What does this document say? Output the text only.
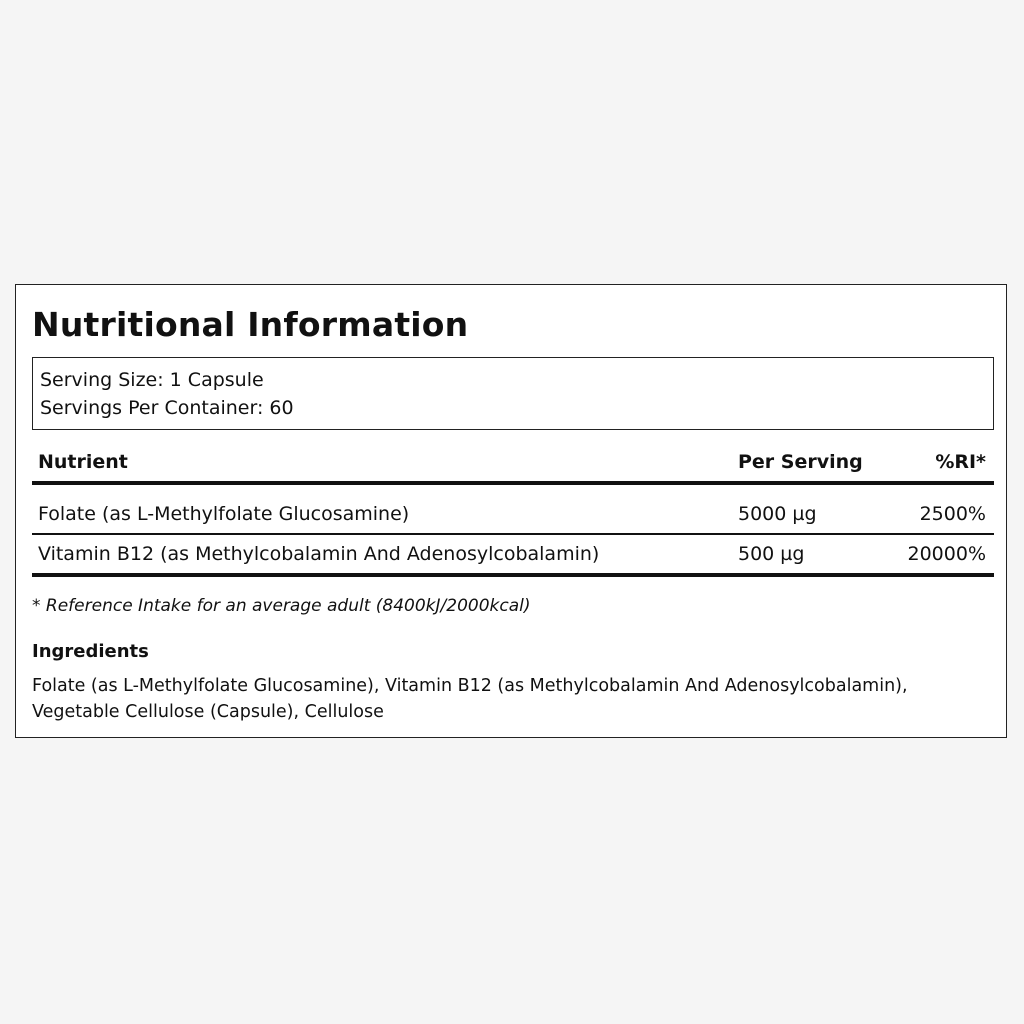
Nutritional Information
Serving Size: 1 Capsule
Servings Per Container: 60
Nutrient	Per Serving	%RI*
Folate (as L-Methylfolate Glucosamine)	5000 µg	2500%
Vitamin B12 (as Methylcobalamin And Adenosylcobalamin)	500 µg	20000%
* Reference Intake for an average adult (8400kJ/2000kcal)
Ingredients
Folate (as L-Methylfolate Glucosamine), Vitamin B12 (as Methylcobalamin And Adenosylcobalamin), Vegetable Cellulose (Capsule), Cellulose
